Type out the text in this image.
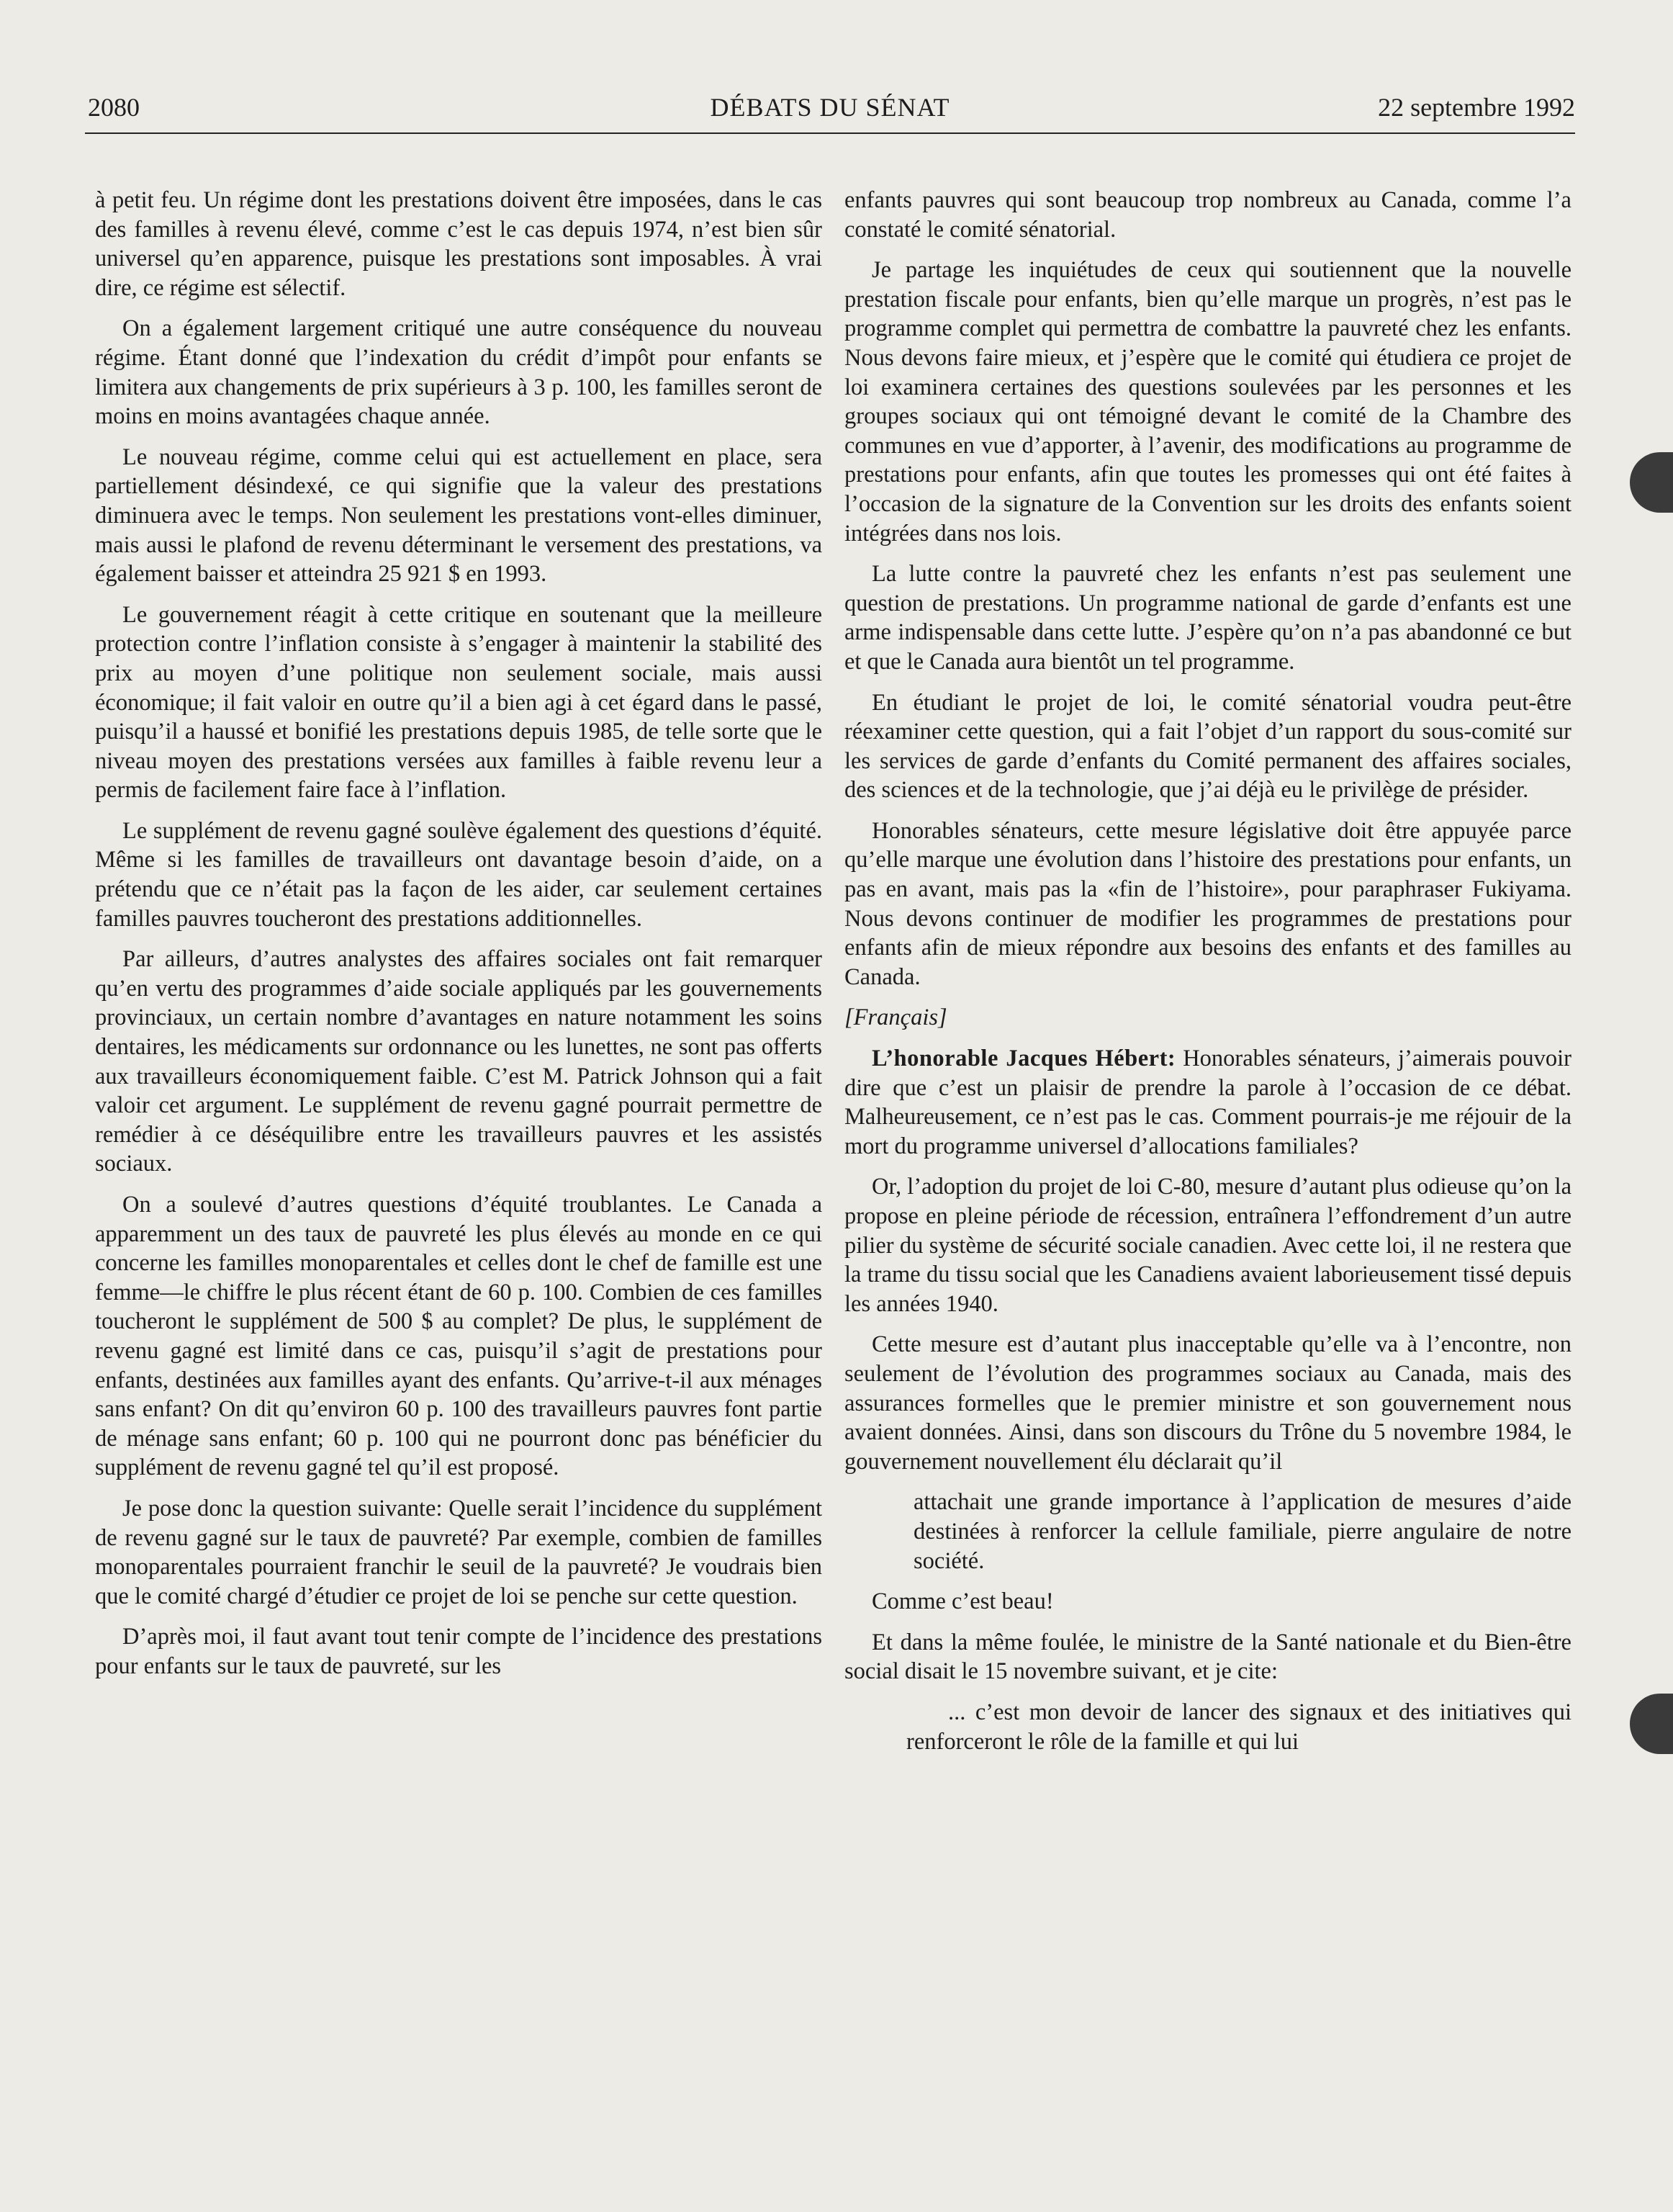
2080	DÉBATS DU SÉNAT	22 septembre 1992

à petit feu. Un régime dont les prestations doivent être imposées, dans le cas des familles à revenu élevé, comme c’est le cas depuis 1974, n’est bien sûr universel qu’en apparence, puisque les prestations sont imposables. À vrai dire, ce régime est sélectif.

On a également largement critiqué une autre conséquence du nouveau régime. Étant donné que l’indexation du crédit d’impôt pour enfants se limitera aux changements de prix supérieurs à 3 p. 100, les familles seront de moins en moins avantagées chaque année.

Le nouveau régime, comme celui qui est actuellement en place, sera partiellement désindexé, ce qui signifie que la valeur des prestations diminuera avec le temps. Non seulement les prestations vont-elles diminuer, mais aussi le plafond de revenu déterminant le versement des prestations, va également baisser et atteindra 25 921 $ en 1993.

Le gouvernement réagit à cette critique en soutenant que la meilleure protection contre l’inflation consiste à s’engager à maintenir la stabilité des prix au moyen d’une politique non seulement sociale, mais aussi économique; il fait valoir en outre qu’il a bien agi à cet égard dans le passé, puisqu’il a haussé et bonifié les prestations depuis 1985, de telle sorte que le niveau moyen des prestations versées aux familles à faible revenu leur a permis de facilement faire face à l’inflation.

Le supplément de revenu gagné soulève également des questions d’équité. Même si les familles de travailleurs ont davantage besoin d’aide, on a prétendu que ce n’était pas la façon de les aider, car seulement certaines familles pauvres toucheront des prestations additionnelles.

Par ailleurs, d’autres analystes des affaires sociales ont fait remarquer qu’en vertu des programmes d’aide sociale appliqués par les gouvernements provinciaux, un certain nombre d’avantages en nature notamment les soins dentaires, les médicaments sur ordonnance ou les lunettes, ne sont pas offerts aux travailleurs économiquement faible. C’est M. Patrick Johnson qui a fait valoir cet argument. Le supplément de revenu gagné pourrait permettre de remédier à ce déséquilibre entre les travailleurs pauvres et les assistés sociaux.

On a soulevé d’autres questions d’équité troublantes. Le Canada a apparemment un des taux de pauvreté les plus élevés au monde en ce qui concerne les familles monoparentales et celles dont le chef de famille est une femme—le chiffre le plus récent étant de 60 p. 100. Combien de ces familles toucheront le supplément de 500 $ au complet? De plus, le supplément de revenu gagné est limité dans ce cas, puisqu’il s’agit de prestations pour enfants, destinées aux familles ayant des enfants. Qu’arrive-t-il aux ménages sans enfant? On dit qu’environ 60 p. 100 des travailleurs pauvres font partie de ménage sans enfant; 60 p. 100 qui ne pourront donc pas bénéficier du supplément de revenu gagné tel qu’il est proposé.

Je pose donc la question suivante: Quelle serait l’incidence du supplément de revenu gagné sur le taux de pauvreté? Par exemple, combien de familles monoparentales pourraient franchir le seuil de la pauvreté? Je voudrais bien que le comité chargé d’étudier ce projet de loi se penche sur cette question.

D’après moi, il faut avant tout tenir compte de l’incidence des prestations pour enfants sur le taux de pauvreté, sur les

enfants pauvres qui sont beaucoup trop nombreux au Canada, comme l’a constaté le comité sénatorial.

Je partage les inquiétudes de ceux qui soutiennent que la nouvelle prestation fiscale pour enfants, bien qu’elle marque un progrès, n’est pas le programme complet qui permettra de combattre la pauvreté chez les enfants. Nous devons faire mieux, et j’espère que le comité qui étudiera ce projet de loi examinera certaines des questions soulevées par les personnes et les groupes sociaux qui ont témoigné devant le comité de la Chambre des communes en vue d’apporter, à l’avenir, des modifications au programme de prestations pour enfants, afin que toutes les promesses qui ont été faites à l’occasion de la signature de la Convention sur les droits des enfants soient intégrées dans nos lois.

La lutte contre la pauvreté chez les enfants n’est pas seulement une question de prestations. Un programme national de garde d’enfants est une arme indispensable dans cette lutte. J’espère qu’on n’a pas abandonné ce but et que le Canada aura bientôt un tel programme.

En étudiant le projet de loi, le comité sénatorial voudra peut-être réexaminer cette question, qui a fait l’objet d’un rapport du sous-comité sur les services de garde d’enfants du Comité permanent des affaires sociales, des sciences et de la technologie, que j’ai déjà eu le privilège de présider.

Honorables sénateurs, cette mesure législative doit être appuyée parce qu’elle marque une évolution dans l’histoire des prestations pour enfants, un pas en avant, mais pas la «fin de l’histoire», pour paraphraser Fukiyama. Nous devons continuer de modifier les programmes de prestations pour enfants afin de mieux répondre aux besoins des enfants et des familles au Canada.

[Français]

L’honorable Jacques Hébert: Honorables sénateurs, j’aimerais pouvoir dire que c’est un plaisir de prendre la parole à l’occasion de ce débat. Malheureusement, ce n’est pas le cas. Comment pourrais-je me réjouir de la mort du programme universel d’allocations familiales?

Or, l’adoption du projet de loi C-80, mesure d’autant plus odieuse qu’on la propose en pleine période de récession, entraînera l’effondrement d’un autre pilier du système de sécurité sociale canadien. Avec cette loi, il ne restera que la trame du tissu social que les Canadiens avaient laborieusement tissé depuis les années 1940.

Cette mesure est d’autant plus inacceptable qu’elle va à l’encontre, non seulement de l’évolution des programmes sociaux au Canada, mais des assurances formelles que le premier ministre et son gouvernement nous avaient données. Ainsi, dans son discours du Trône du 5 novembre 1984, le gouvernement nouvellement élu déclarait qu’il

attachait une grande importance à l’application de mesures d’aide destinées à renforcer la cellule familiale, pierre angulaire de notre société.

Comme c’est beau!

Et dans la même foulée, le ministre de la Santé nationale et du Bien-être social disait le 15 novembre suivant, et je cite:

... c’est mon devoir de lancer des signaux et des initiatives qui renforceront le rôle de la famille et qui lui
